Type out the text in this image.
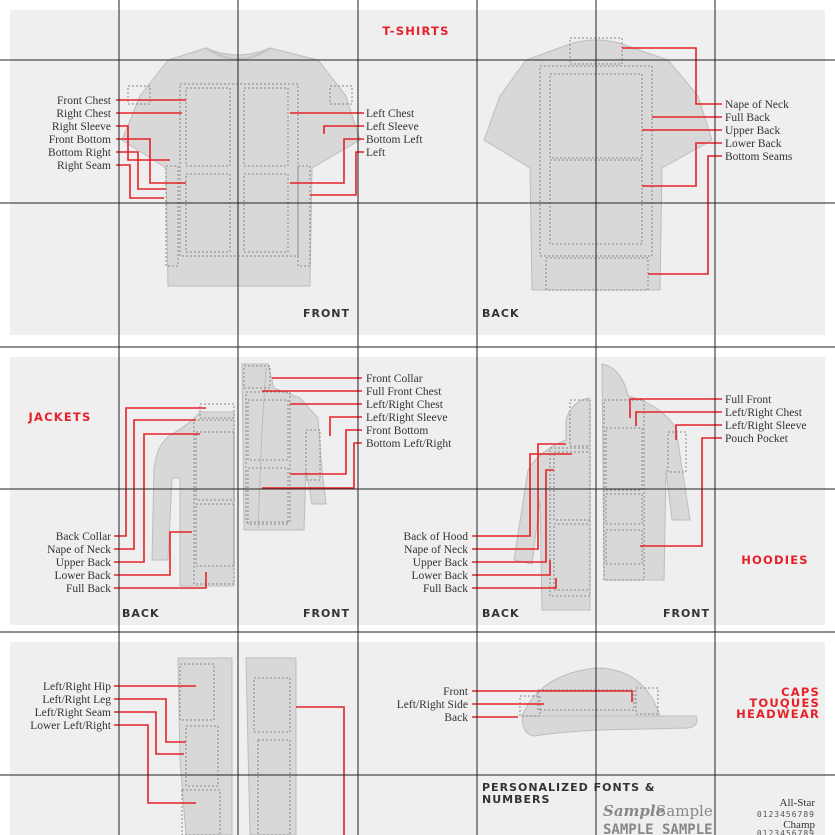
Front Chest
Right Chest
Right Sleeve
Front Bottom
Bottom Right
Right Seam
Left Chest
Left Sleeve
Bottom Left
Left
Nape of Neck
Full Back
Upper Back
Lower Back
Bottom Seams
T-SHIRTS
FRONT	BACK
Back Collar
Nape of Neck
Upper Back
Lower Back
Full Back
Front Collar
Full Front Chest
Left/Right Chest
Left/Right Sleeve
Front Bottom
Bottom Left/Right
JACKETS
BACK	FRONT
Back of Hood
Nape of Neck
Upper Back
Lower Back
Full Back
Full Front
Left/Right Chest
Left/Right Sleeve
Pouch Pocket
HOODIES
BACK	FRONT
Left/Right Hip
Left/Right Leg
Left/Right Seam
Lower Left/Right
Front
Left/Right Side
Back
CAPS
TOUQUES
HEADWEAR
PERSONALIZED FONTS &
NUMBERS
Sample
Sample
SAMPLE SAMPLE
All-Star
0123456789
Champ
0123456789
